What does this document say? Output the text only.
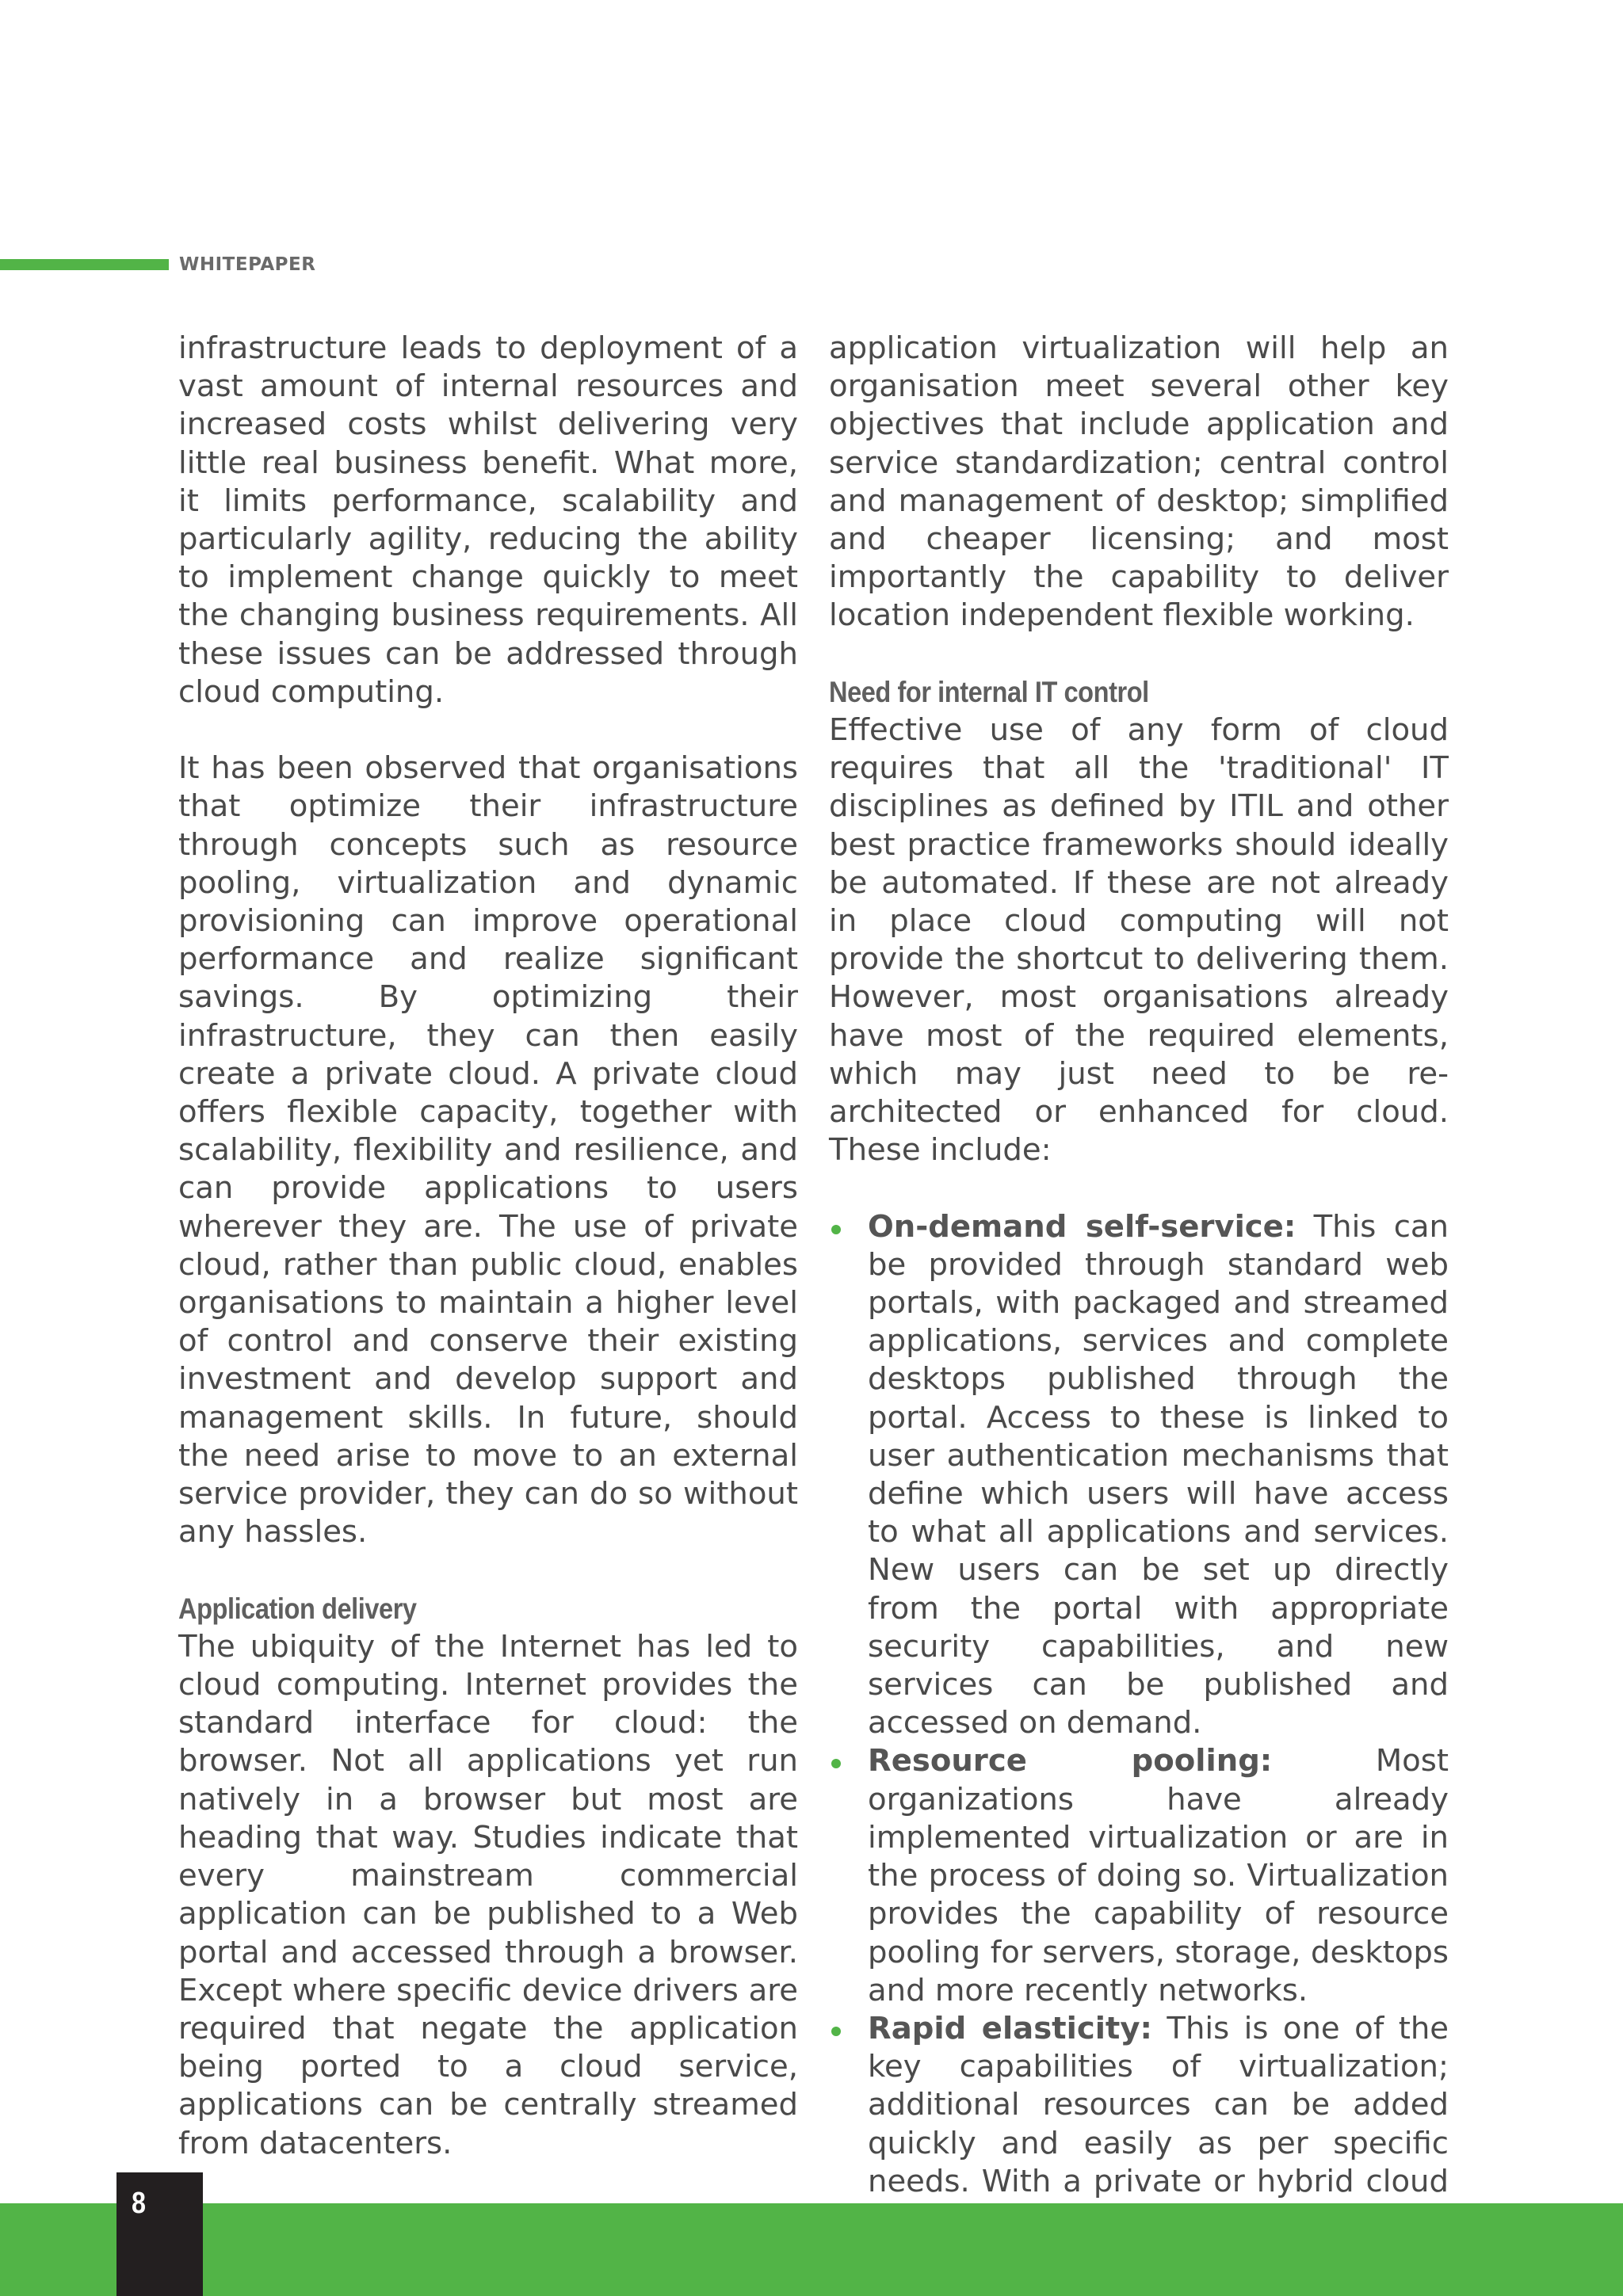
WHITEPAPER

infrastructure leads to deployment of a vast amount of internal resources and increased costs whilst delivering very little real business benefit. What more, it limits performance, scalability and particularly agility, reducing the ability to implement change quickly to meet the changing business requirements. All these issues can be addressed through cloud computing.

It has been observed that organisations that optimize their infrastructure through concepts such as resource pooling, virtualization and dynamic provisioning can improve operational performance and realize significant savings. By optimizing their infrastructure, they can then easily create a private cloud. A private cloud offers flexible capacity, together with scalability, flexibility and resilience, and can provide applications to users wherever they are. The use of private cloud, rather than public cloud, enables organisations to maintain a higher level of control and conserve their existing investment and develop support and management skills. In future, should the need arise to move to an external service provider, they can do so without any hassles.

Application delivery

The ubiquity of the Internet has led to cloud computing. Internet provides the standard interface for cloud: the browser. Not all applications yet run natively in a browser but most are heading that way. Studies indicate that every mainstream commercial application can be published to a Web portal and accessed through a browser. Except where specific device drivers are required that negate the application being ported to a cloud service, applications can be centrally streamed from datacenters.

application virtualization will help an organisation meet several other key objectives that include application and service standardization; central control and management of desktop; simplified and cheaper licensing; and most importantly the capability to deliver location independent flexible working.

Need for internal IT control

Effective use of any form of cloud requires that all the 'traditional' IT disciplines as defined by ITIL and other best practice frameworks should ideally be automated. If these are not already in place cloud computing will not provide the shortcut to delivering them. However, most organisations already have most of the required elements, which may just need to be re-architected or enhanced for cloud. These include:

On-demand self-service: This can be provided through standard web portals, with packaged and streamed applications, services and complete desktops published through the portal. Access to these is linked to user authentication mechanisms that define which users will have access to what all applications and services. New users can be set up directly from the portal with appropriate security capabilities, and new services can be published and accessed on demand.
Resource pooling: Most organizations have already implemented virtualization or are in the process of doing so. Virtualization provides the capability of resource pooling for servers, storage, desktops and more recently networks.
Rapid elasticity: This is one of the key capabilities of virtualization; additional resources can be added quickly and easily as per specific needs. With a private or hybrid cloud
8
